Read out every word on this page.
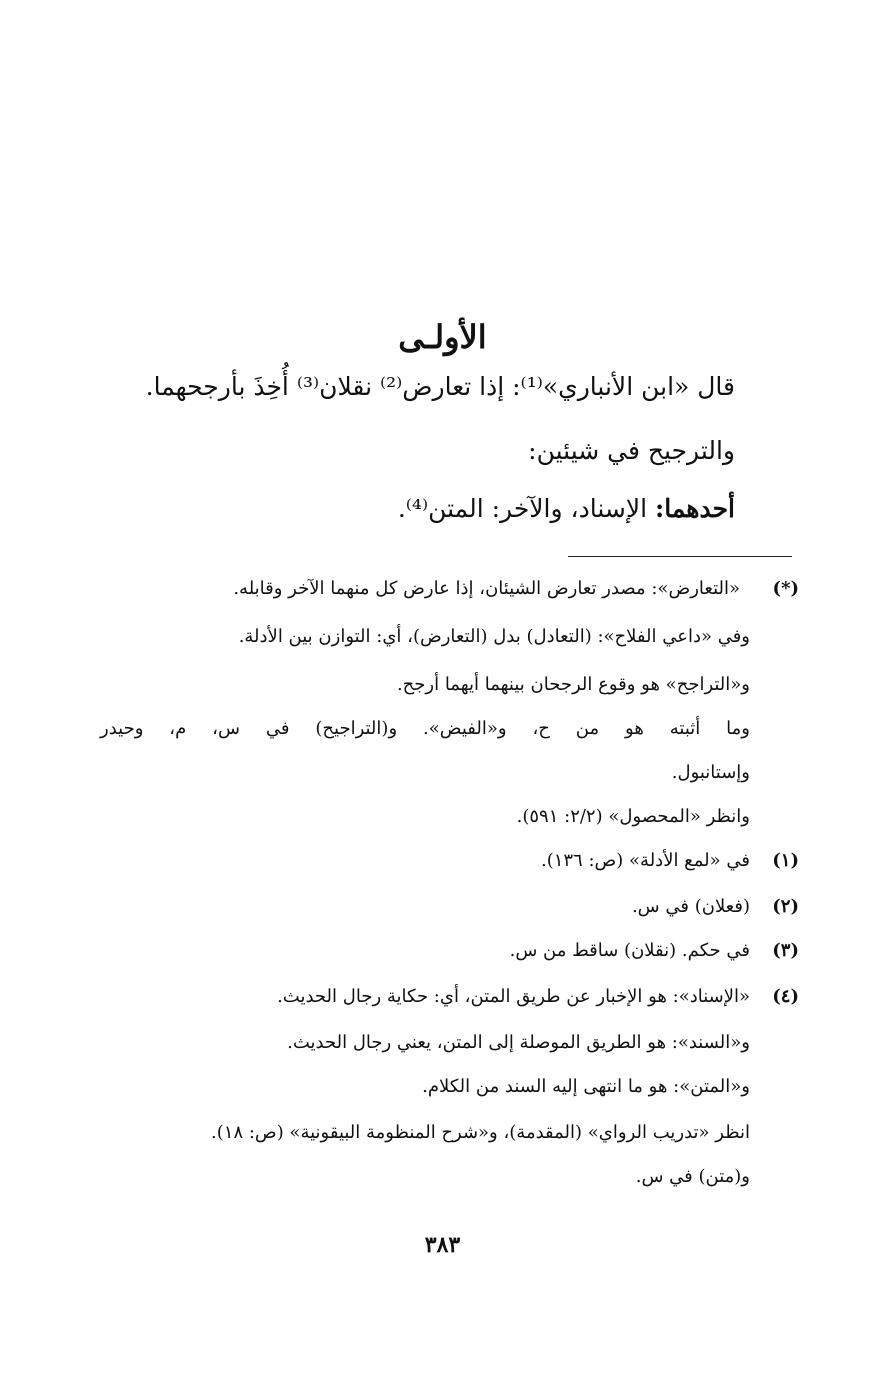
الأولـى
قال «ابن الأنباري»⁽¹⁾: إذا تعارض⁽²⁾ نقلان⁽³⁾ أُخِذَ بأرجحهما.
والترجيح في شيئين:
أحدهما: الإسناد، والآخر: المتن⁽⁴⁾.
(*)
«التعارض»: مصدر تعارض الشيئان، إذا عارض كل منهما الآخر وقابله.
وفي «داعي الفلاح»: (التعادل) بدل (التعارض)، أي: التوازن بين الأدلة.
و«التراجح» هو وقوع الرجحان بينهما أيهما أرجح.
وما أثبته هو من ح، و«الفيض». و(التراجيح) في س، م، وحيدر
وإستانبول.
وانظر «المحصول» (٢/٢: ٥٩١).
(١)
في «لمع الأدلة» (ص: ١٣٦).
(٢)
(فعلان) في س.
(٣)
في حكم. (نقلان) ساقط من س.
(٤)
«الإسناد»: هو الإخبار عن طريق المتن، أي: حكاية رجال الحديث.
و«السند»: هو الطريق الموصلة إلى المتن، يعني رجال الحديث.
و«المتن»: هو ما انتهى إليه السند من الكلام.
انظر «تدريب الرواي» (المقدمة)، و«شرح المنظومة البيقونية» (ص: ١٨).
و(متن) في س.
٣٨٣
